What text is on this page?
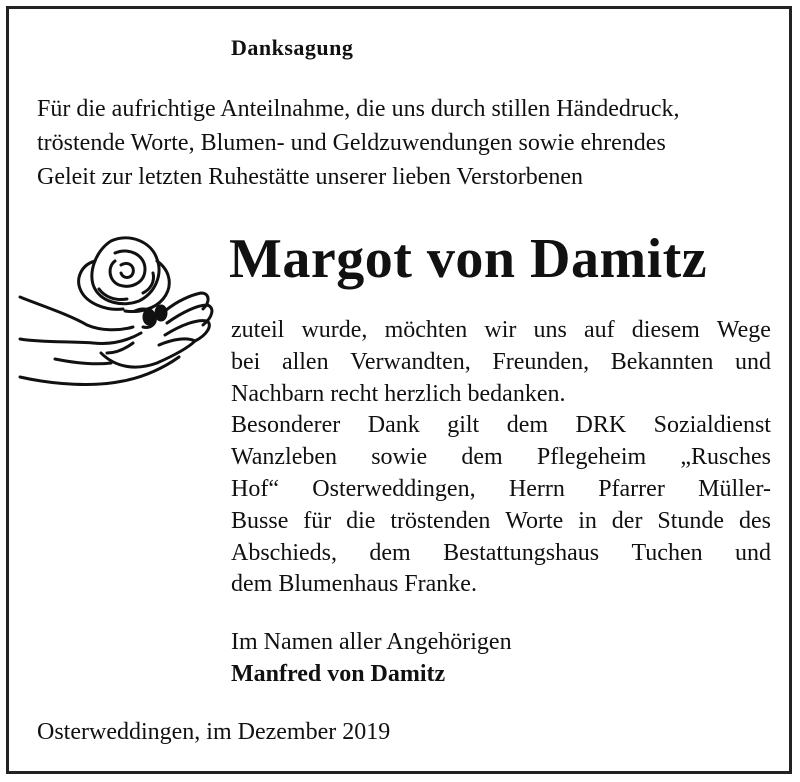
Danksagung
Für die aufrichtige Anteilnahme, die uns durch stillen Händedruck,
tröstende Worte, Blumen- und Geldzuwendungen sowie ehrendes
Geleit zur letzten Ruhestätte unserer lieben Verstorbenen
Margot von Damitz
zuteil wurde, möchten wir uns auf diesem Wege
bei allen Verwandten, Freunden, Bekannten und
Nachbarn recht herzlich bedanken.
Besonderer Dank gilt dem DRK Sozialdienst
Wanzleben sowie dem Pflegeheim „Rusches
Hof“ Osterweddingen, Herrn Pfarrer Müller-
Busse für die tröstenden Worte in der Stunde des
Abschieds, dem Bestattungshaus Tuchen und
dem Blumenhaus Franke.
Im Namen aller Angehörigen
Manfred von Damitz
Osterweddingen, im Dezember 2019
